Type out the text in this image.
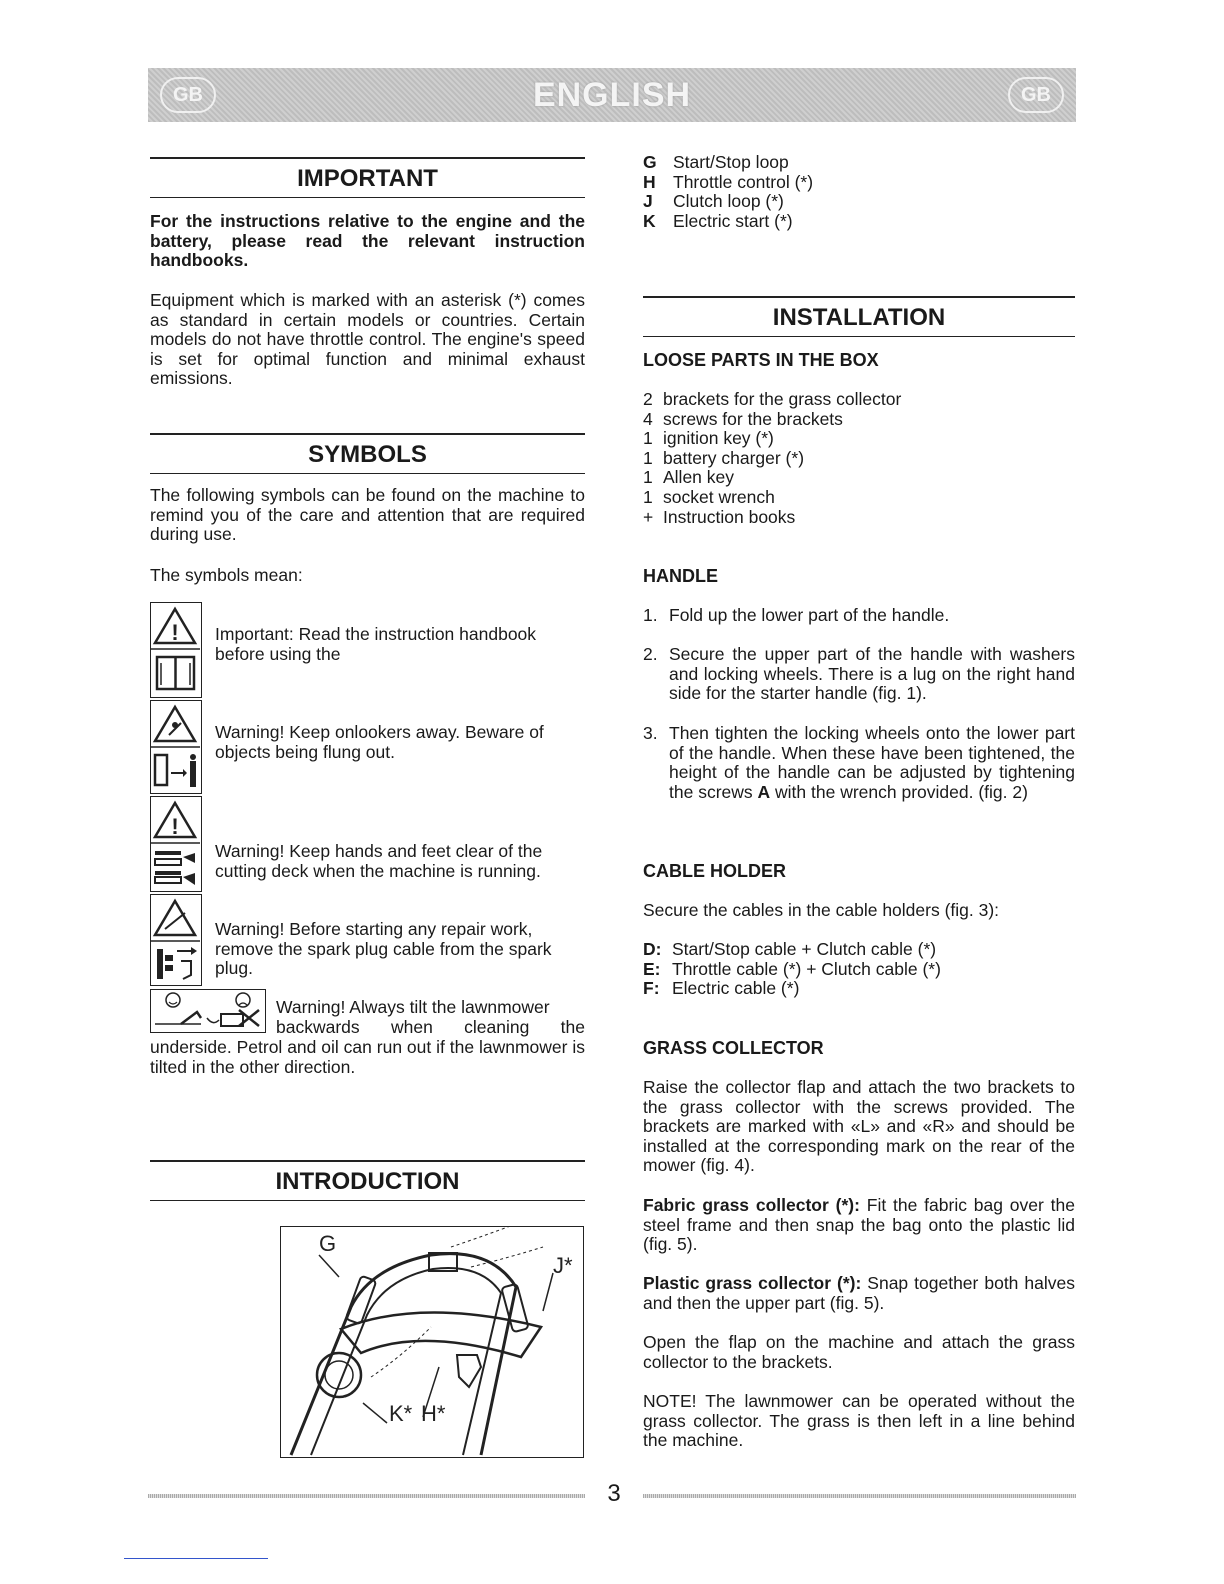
GB	ENGLISH	GB
IMPORTANT
For the instructions relative to the engine and the battery, please read the relevant instruction handbooks.
Equipment which is marked with an asterisk (*) comes as standard in certain models or countries. Certain models do not have throttle control. The engine's speed is set for optimal function and minimal exhaust emissions.
SYMBOLS
The following symbols can be found on the machine to remind you of the care and attention that are required during use.
The symbols mean:
! Important: Read the instruction handbook before using the
Warning! Keep onlookers away. Beware of objects being flung out.
!
Warning! Keep hands and feet clear of the cutting deck when the machine is running.
Warning! Before starting any repair work, remove the spark plug cable from the spark plug.
Warning! Always tilt the lawnmower
backwards when cleaning the
underside. Petrol and oil can run out if the lawnmower is tilted in the other direction.
INTRODUCTION
G
J*
K* H*
G Start/Stop loop
H Throttle control (*)
J	Clutch loop (*)
K Electric start (*)
INSTALLATION
LOOSE PARTS IN THE BOX
2 brackets for the grass collector
4 screws for the brackets
1 ignition key (*)
1 battery charger (*)
1 Allen key
1 socket wrench
+ Instruction books
HANDLE
1. Fold up the lower part of the handle.
2. Secure the upper part of the handle with washers and locking wheels. There is a lug on the right hand side for the starter handle (fig. 1).
3. Then tighten the locking wheels onto the lower part of the handle. When these have been tightened, the height of the handle can be adjusted by tightening the screws A with the wrench provided. (fig. 2)
CABLE HOLDER
Secure the cables in the cable holders (fig. 3):
D: Start/Stop cable + Clutch cable (*)
E: Throttle cable (*) + Clutch cable (*)
F: Electric cable (*)
GRASS COLLECTOR
Raise the collector flap and attach the two brackets to the grass collector with the screws provided. The brackets are marked with «L» and «R» and should be installed at the corresponding mark on the rear of the mower (fig. 4).
Fabric grass collector (*): Fit the fabric bag over the steel frame and then snap the bag onto the plastic lid (fig. 5).
Plastic grass collector (*): Snap together both halves and then the upper part (fig. 5).
Open the flap on the machine and attach the grass collector to the brackets.
NOTE! The lawnmower can be operated without the grass collector. The grass is then left in a line behind the machine.
3
